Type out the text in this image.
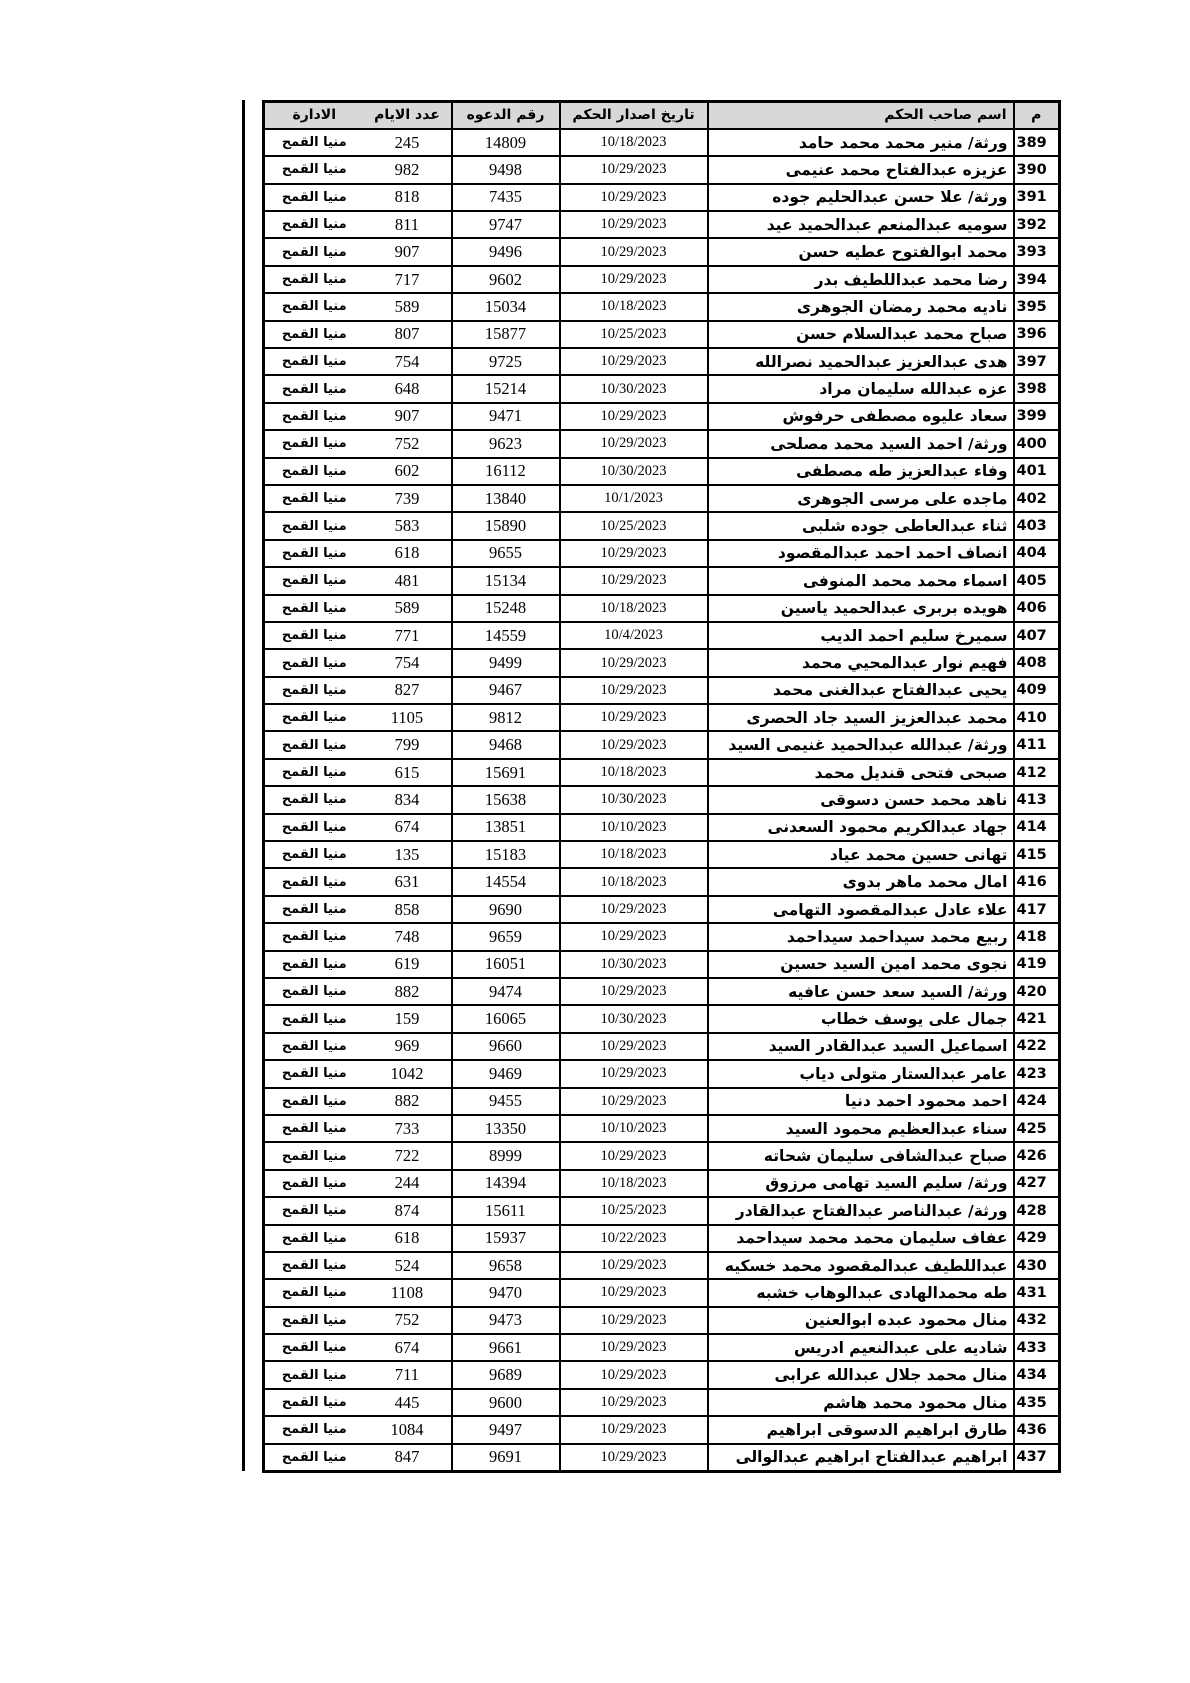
م	اسم صاحب الحكم	تاريخ اصدار الحكم	رقم الدعوه	عدد الايام	الادارة
389	ورثة/ منير محمد محمد حامد	10/18/2023	14809	245	منيا القمح
390	عزيزه عبدالفتاح محمد عنيمى	10/29/2023	9498	982	منيا القمح
391	ورثة/ علا حسن عبدالحليم جوده	10/29/2023	7435	818	منيا القمح
392	سوميه عبدالمنعم عبدالحميد عيد	10/29/2023	9747	811	منيا القمح
393	محمد ابوالفتوح عطيه حسن	10/29/2023	9496	907	منيا القمح
394	رضا محمد عبداللطيف بدر	10/29/2023	9602	717	منيا القمح
395	ناديه محمد رمضان الجوهرى	10/18/2023	15034	589	منيا القمح
396	صباح محمد عبدالسلام حسن	10/25/2023	15877	807	منيا القمح
397	هدى عبدالعزيز عبدالحميد نصرالله	10/29/2023	9725	754	منيا القمح
398	عزه عبدالله سليمان مراد	10/30/2023	15214	648	منيا القمح
399	سعاد عليوه مصطفى حرفوش	10/29/2023	9471	907	منيا القمح
400	ورثة/ احمد السيد محمد مصلحى	10/29/2023	9623	752	منيا القمح
401	وفاء عبدالعزيز طه مصطفى	10/30/2023	16112	602	منيا القمح
402	ماجده على مرسى الجوهرى	10/1/2023	13840	739	منيا القمح
403	ثناء عبدالعاطى جوده شلبى	10/25/2023	15890	583	منيا القمح
404	انصاف احمد احمد عبدالمقصود	10/29/2023	9655	618	منيا القمح
405	اسماء محمد محمد المنوفى	10/29/2023	15134	481	منيا القمح
406	هويده بربرى عبدالحميد ياسين	10/18/2023	15248	589	منيا القمح
407	سميرخ سليم احمد الديب	10/4/2023	14559	771	منيا القمح
408	فهيم نوار عبدالمحيي محمد	10/29/2023	9499	754	منيا القمح
409	يحيى عبدالفتاح عبدالغنى محمد	10/29/2023	9467	827	منيا القمح
410	محمد عبدالعزيز السيد جاد الحصرى	10/29/2023	9812	1105	منيا القمح
411	ورثة/ عبدالله عبدالحميد غنيمى السيد	10/29/2023	9468	799	منيا القمح
412	صبحى فتحى قنديل محمد	10/18/2023	15691	615	منيا القمح
413	ناهد محمد حسن دسوقى	10/30/2023	15638	834	منيا القمح
414	جهاد عبدالكريم محمود السعدنى	10/10/2023	13851	674	منيا القمح
415	تهانى حسين محمد عياد	10/18/2023	15183	135	منيا القمح
416	امال محمد ماهر بدوى	10/18/2023	14554	631	منيا القمح
417	علاء عادل عبدالمقصود التهامى	10/29/2023	9690	858	منيا القمح
418	ربيع محمد سيداحمد سيداحمد	10/29/2023	9659	748	منيا القمح
419	نجوى محمد امين السيد حسين	10/30/2023	16051	619	منيا القمح
420	ورثة/ السيد سعد حسن عافيه	10/29/2023	9474	882	منيا القمح
421	جمال على يوسف خطاب	10/30/2023	16065	159	منيا القمح
422	اسماعيل السيد عبدالقادر السيد	10/29/2023	9660	969	منيا القمح
423	عامر عبدالستار متولى دياب	10/29/2023	9469	1042	منيا القمح
424	احمد محمود احمد دنيا	10/29/2023	9455	882	منيا القمح
425	سناء عبدالعظيم محمود السيد	10/10/2023	13350	733	منيا القمح
426	صباح عبدالشافى سليمان شحاته	10/29/2023	8999	722	منيا القمح
427	ورثة/ سليم السيد تهامى مرزوق	10/18/2023	14394	244	منيا القمح
428	ورثة/ عبدالناصر عبدالفتاح عبدالقادر	10/25/2023	15611	874	منيا القمح
429	عفاف سليمان محمد محمد سيداحمد	10/22/2023	15937	618	منيا القمح
430	عبداللطيف عبدالمقصود محمد خسكيه	10/29/2023	9658	524	منيا القمح
431	طه محمدالهادى عبدالوهاب خشبه	10/29/2023	9470	1108	منيا القمح
432	منال محمود عبده ابوالعنين	10/29/2023	9473	752	منيا القمح
433	شاديه على عبدالنعيم ادريس	10/29/2023	9661	674	منيا القمح
434	منال محمد جلال عبدالله عرابى	10/29/2023	9689	711	منيا القمح
435	منال محمود محمد هاشم	10/29/2023	9600	445	منيا القمح
436	طارق ابراهيم الدسوقى ابراهيم	10/29/2023	9497	1084	منيا القمح
437	ابراهيم عبدالفتاح ابراهيم عبدالوالى	10/29/2023	9691	847	منيا القمح
